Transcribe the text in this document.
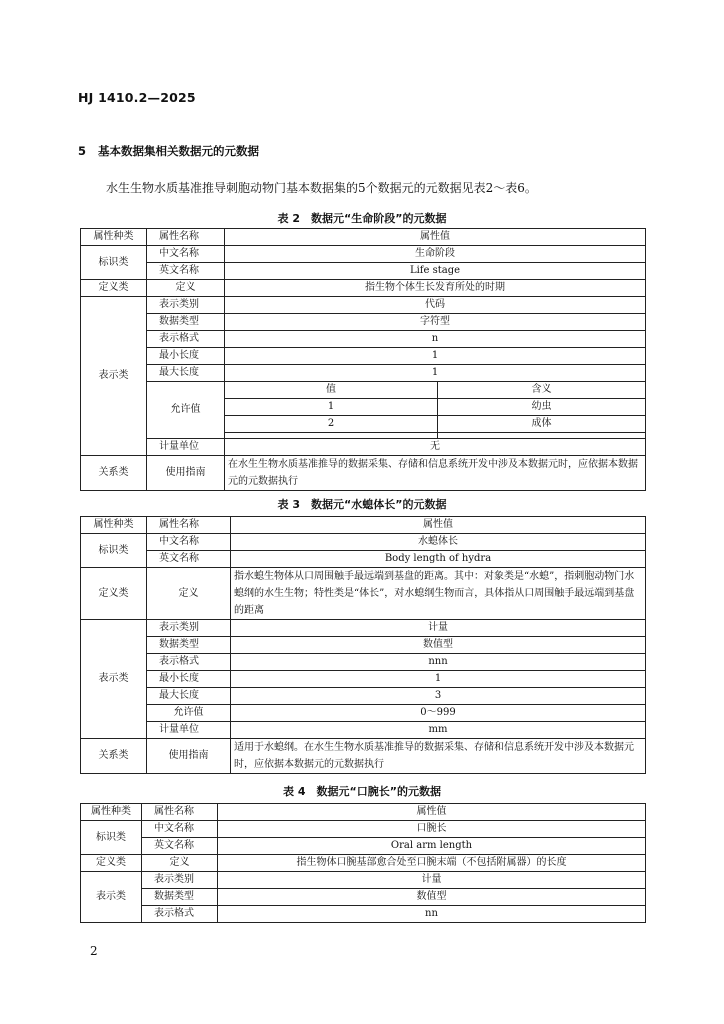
HJ 1410.2—2025
5 基本数据集相关数据元的元数据
水生生物水质基准推导刺胞动物门基本数据集的5个数据元的元数据见表2～表6。
表 2　数据元“生命阶段”的元数据
属性种类	属性名称	属性值	
标识类	中文名称	生命阶段	
	英文名称	Life stage	
定义类	定义	指生物个体生长发育所处的时期	
表示类	表示类别	代码	
	数据类型	字符型	
	表示格式	n	
	最小长度	1	
	最大长度	1	
	允许值	值	含义
		1	幼虫
		2	成体

	计量单位	无	
关系类	使用指南	在水生生物水质基准推导的数据采集、存储和信息系统开发中涉及本数据元时，应依据本数据元的元数据执行	
表 3　数据元“水螅体长”的元数据
属性种类	属性名称	属性值
标识类	中文名称	水螅体长
	英文名称	Body length of hydra
定义类	定义	指水螅生物体从口周围触手最远端到基盘的距离。其中：对象类是“水螅”，指刺胞动物门水螅纲的水生生物；特性类是“体长”，对水螅纲生物而言，具体指从口周围触手最远端到基盘的距离
表示类	表示类别	计量
	数据类型	数值型
	表示格式	nnn
	最小长度	1
	最大长度	3
	允许值	0～999
	计量单位	mm
关系类	使用指南	适用于水螅纲。在水生生物水质基准推导的数据采集、存储和信息系统开发中涉及本数据元时，应依据本数据元的元数据执行
表 4　数据元“口腕长”的元数据
属性种类	属性名称	属性值
标识类	中文名称	口腕长
	英文名称	Oral arm length
定义类	定义	指生物体口腕基部愈合处至口腕末端（不包括附属器）的长度
表示类	表示类别	计量
	数据类型	数值型
	表示格式	nn
2
